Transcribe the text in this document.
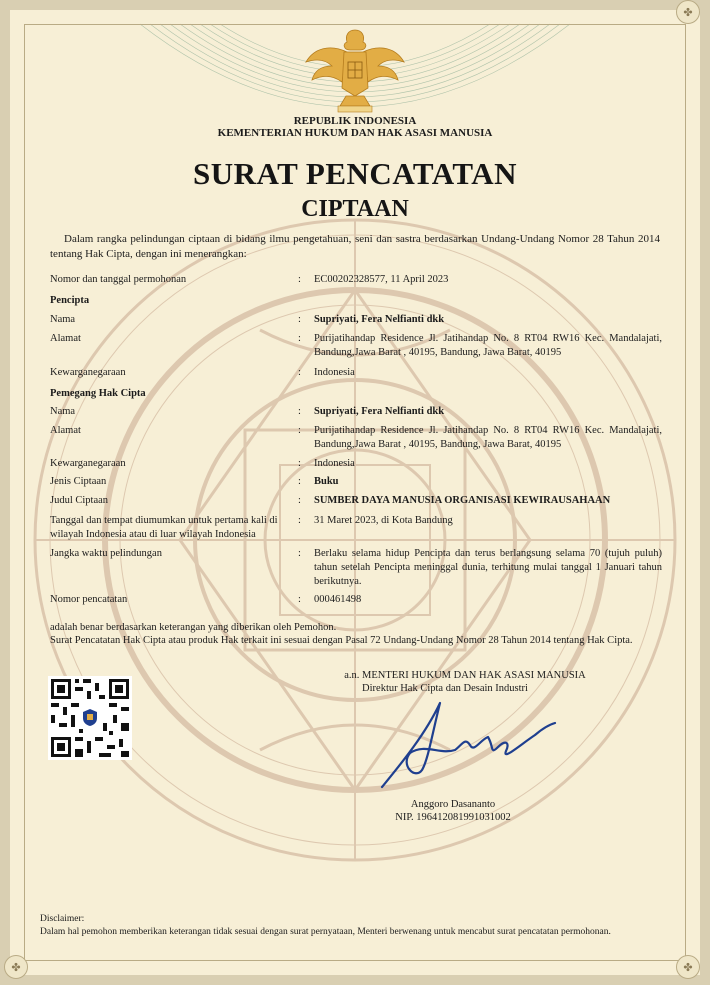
✤
✤	✤
REPUBLIK INDONESIA
KEMENTERIAN HUKUM DAN HAK ASASI MANUSIA
SURAT PENCATATAN
CIPTAAN
Dalam rangka pelindungan ciptaan di bidang ilmu pengetahuan, seni dan sastra berdasarkan Undang-Undang Nomor 28 Tahun 2014 tentang Hak Cipta, dengan ini menerangkan:
Nomor dan tanggal permohonan	: EC00202328577, 11 April 2023
Pencipta
Nama	: Supriyati, Fera Nelfianti dkk
Alamat	: Purijatihandap Residence Jl. Jatihandap No. 8 RT04 RW16 Kec. Mandalajati, Bandung,Jawa Barat , 40195, Bandung, Jawa Barat, 40195
Kewarganegaraan	: Indonesia
Pemegang Hak Cipta
Nama	: Supriyati, Fera Nelfianti dkk
Alamat	: Purijatihandap Residence Jl. Jatihandap No. 8 RT04 RW16 Kec. Mandalajati, Bandung,Jawa Barat , 40195, Bandung, Jawa Barat, 40195
Kewarganegaraan	: Indonesia
Jenis Ciptaan	: Buku
Judul Ciptaan	: SUMBER DAYA MANUSIA ORGANISASI KEWIRAUSAHAAN
Tanggal dan tempat diumumkan untuk pertama kali di wilayah Indonesia atau di luar wilayah Indonesia
: 31 Maret 2023, di Kota Bandung
Jangka waktu pelindungan	: Berlaku selama hidup Pencipta dan terus berlangsung selama 70 (tujuh puluh) tahun setelah Pencipta meninggal dunia, terhitung mulai tanggal 1 Januari tahun berikutnya.
Nomor pencatatan	: 000461498
adalah benar berdasarkan keterangan yang diberikan oleh Pemohon.
Surat Pencatatan Hak Cipta atau produk Hak terkait ini sesuai dengan Pasal 72 Undang-Undang Nomor 28 Tahun 2014 tentang Hak Cipta.
a.n. MENTERI HUKUM DAN HAK ASASI MANUSIA
Direktur Hak Cipta dan Desain Industri
Anggoro Dasananto
NIP. 196412081991031002
Disclaimer:
Dalam hal pemohon memberikan keterangan tidak sesuai dengan surat pernyataan, Menteri berwenang untuk mencabut surat pencatatan permohonan.
